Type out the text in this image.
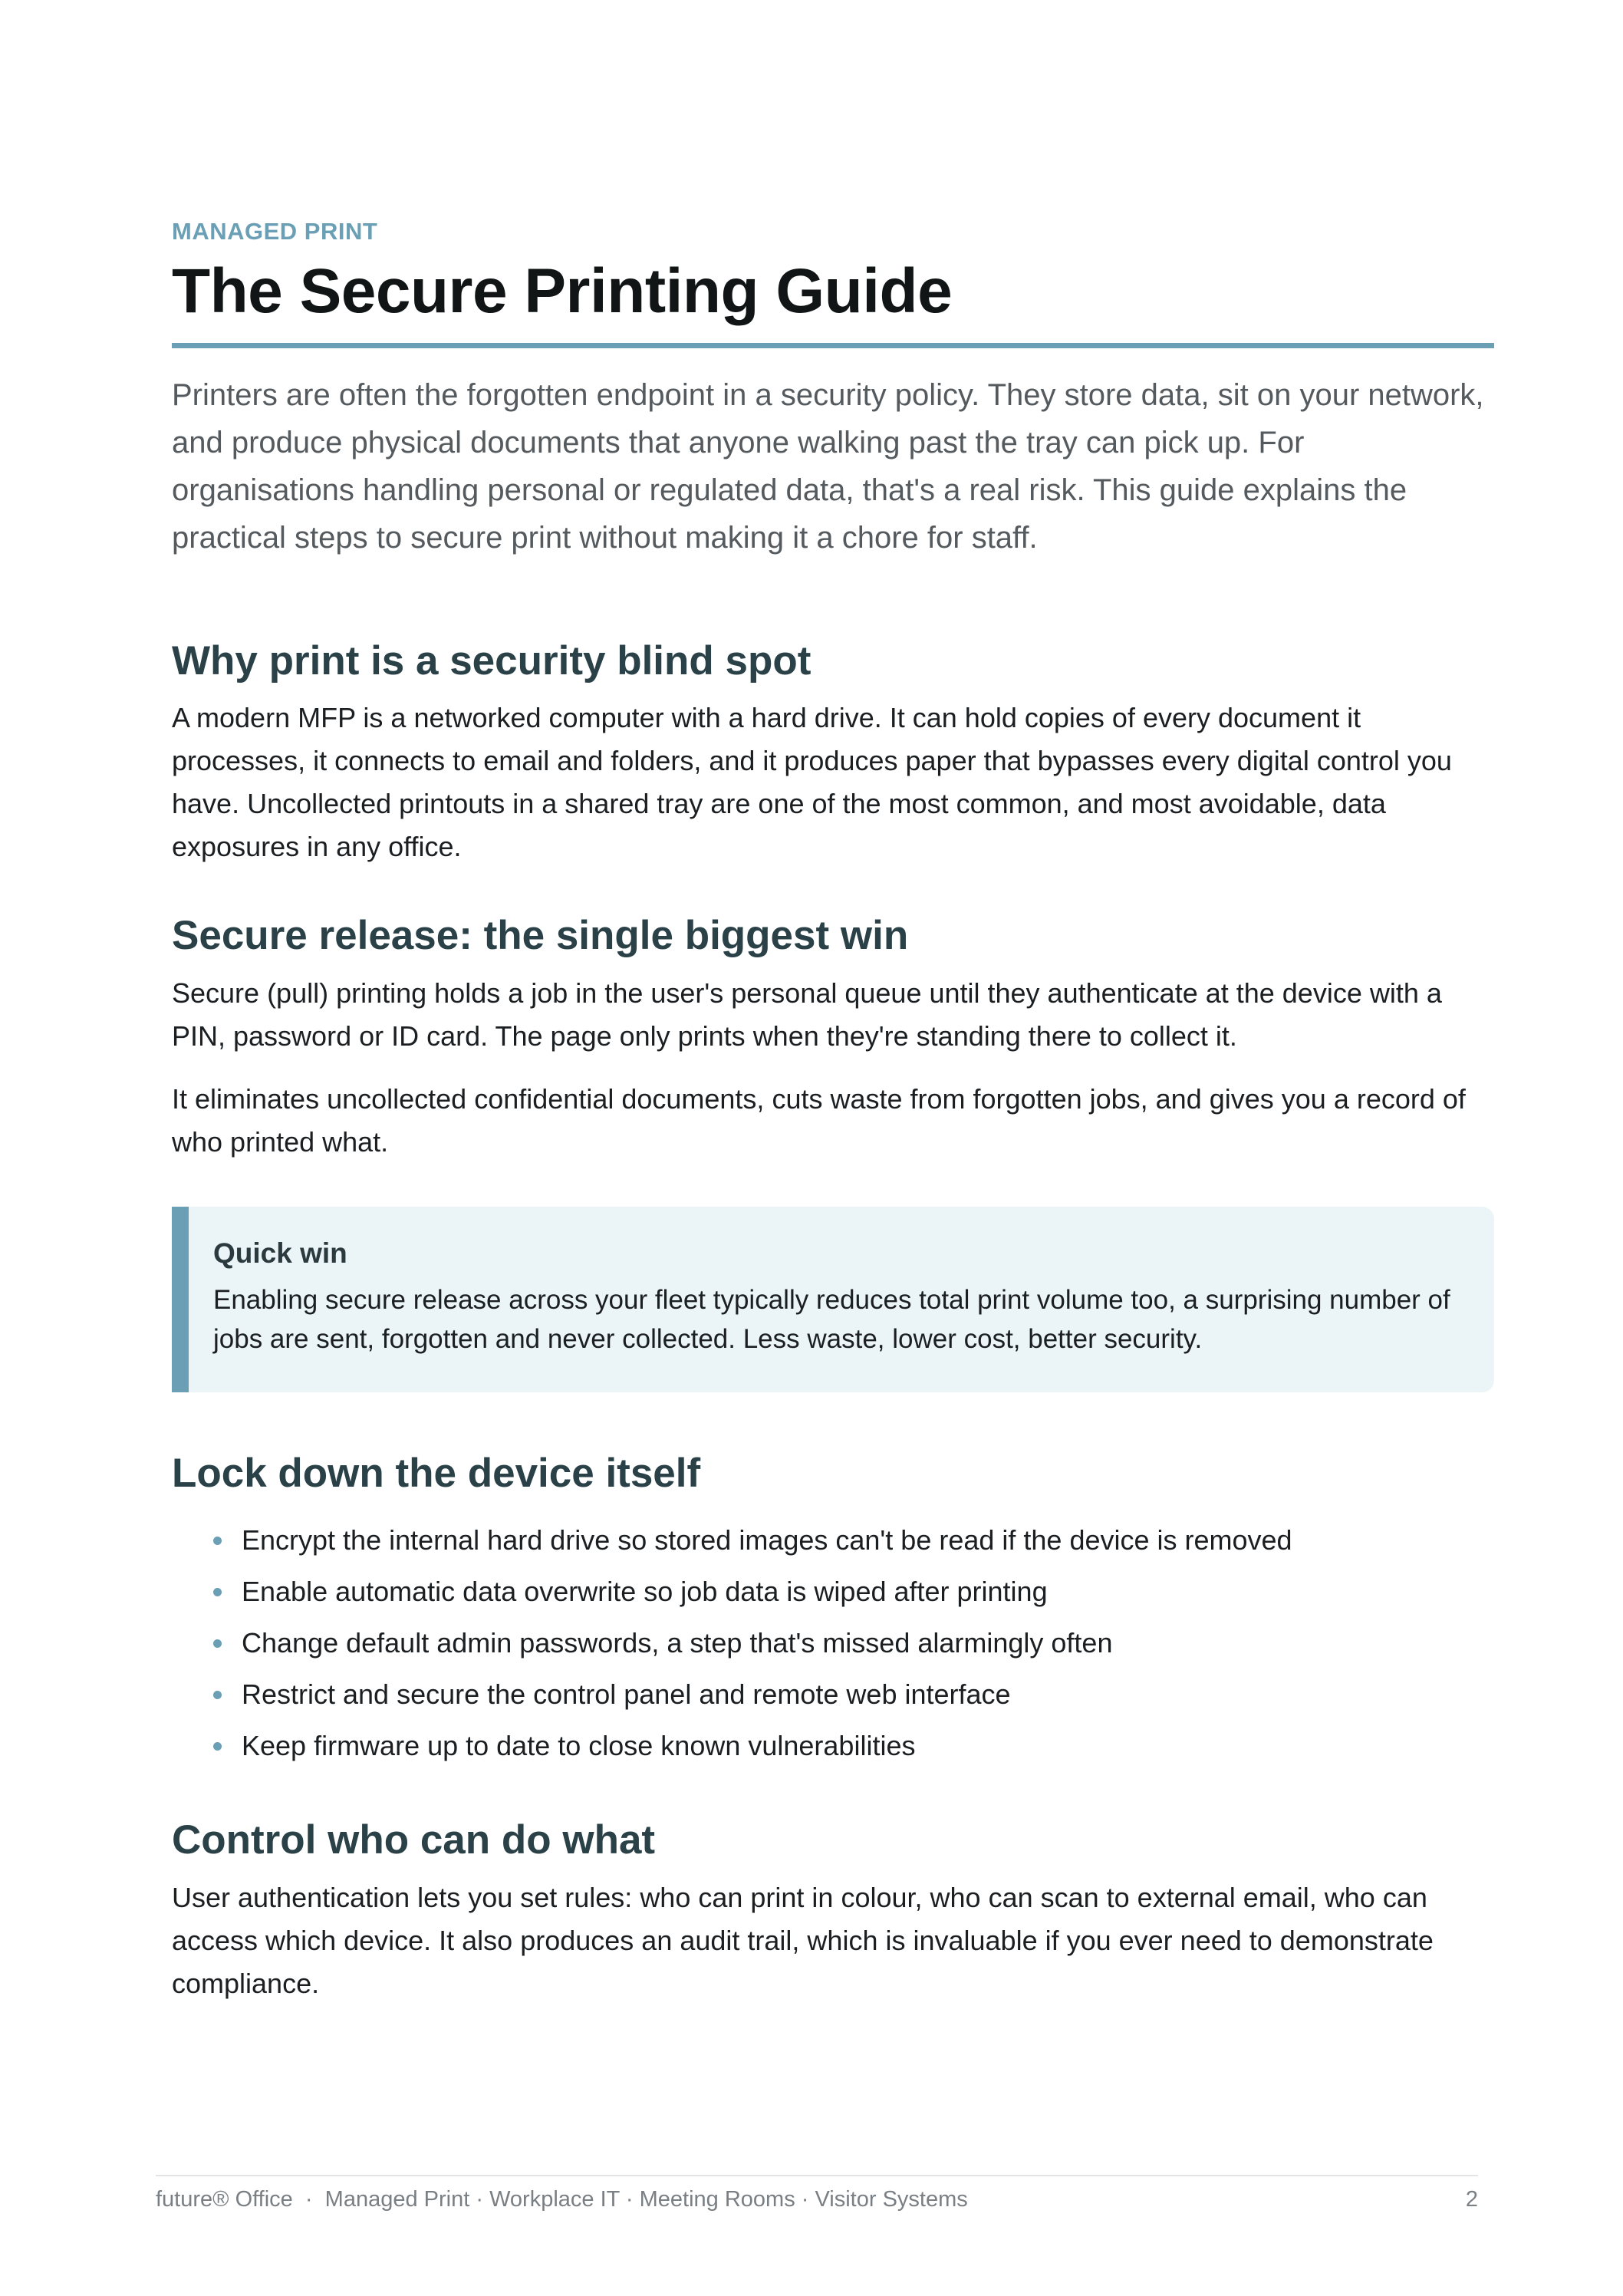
MANAGED PRINT

The Secure Printing Guide

Printers are often the forgotten endpoint in a security policy. They store data, sit on your network, and produce physical documents that anyone walking past the tray can pick up. For organisations handling personal or regulated data, that's a real risk. This guide explains the practical steps to secure print without making it a chore for staff.

Why print is a security blind spot

A modern MFP is a networked computer with a hard drive. It can hold copies of every document it processes, it connects to email and folders, and it produces paper that bypasses every digital control you have. Uncollected printouts in a shared tray are one of the most common, and most avoidable, data exposures in any office.

Secure release: the single biggest win

Secure (pull) printing holds a job in the user's personal queue until they authenticate at the device with a PIN, password or ID card. The page only prints when they're standing there to collect it.

It eliminates uncollected confidential documents, cuts waste from forgotten jobs, and gives you a record of who printed what.

Quick win

Enabling secure release across your fleet typically reduces total print volume too, a surprising number of jobs are sent, forgotten and never collected. Less waste, lower cost, better security.

Lock down the device itself
Encrypt the internal hard drive so stored images can't be read if the device is removed
Enable automatic data overwrite so job data is wiped after printing
Change default admin passwords, a step that's missed alarmingly often
Restrict and secure the control panel and remote web interface
Keep firmware up to date to close known vulnerabilities
Control who can do what

User authentication lets you set rules: who can print in colour, who can scan to external email, who can access which device. It also produces an audit trail, which is invaluable if you ever need to demonstrate compliance.

future® Office  ·  Managed Print · Workplace IT · Meeting Rooms · Visitor Systems	2
